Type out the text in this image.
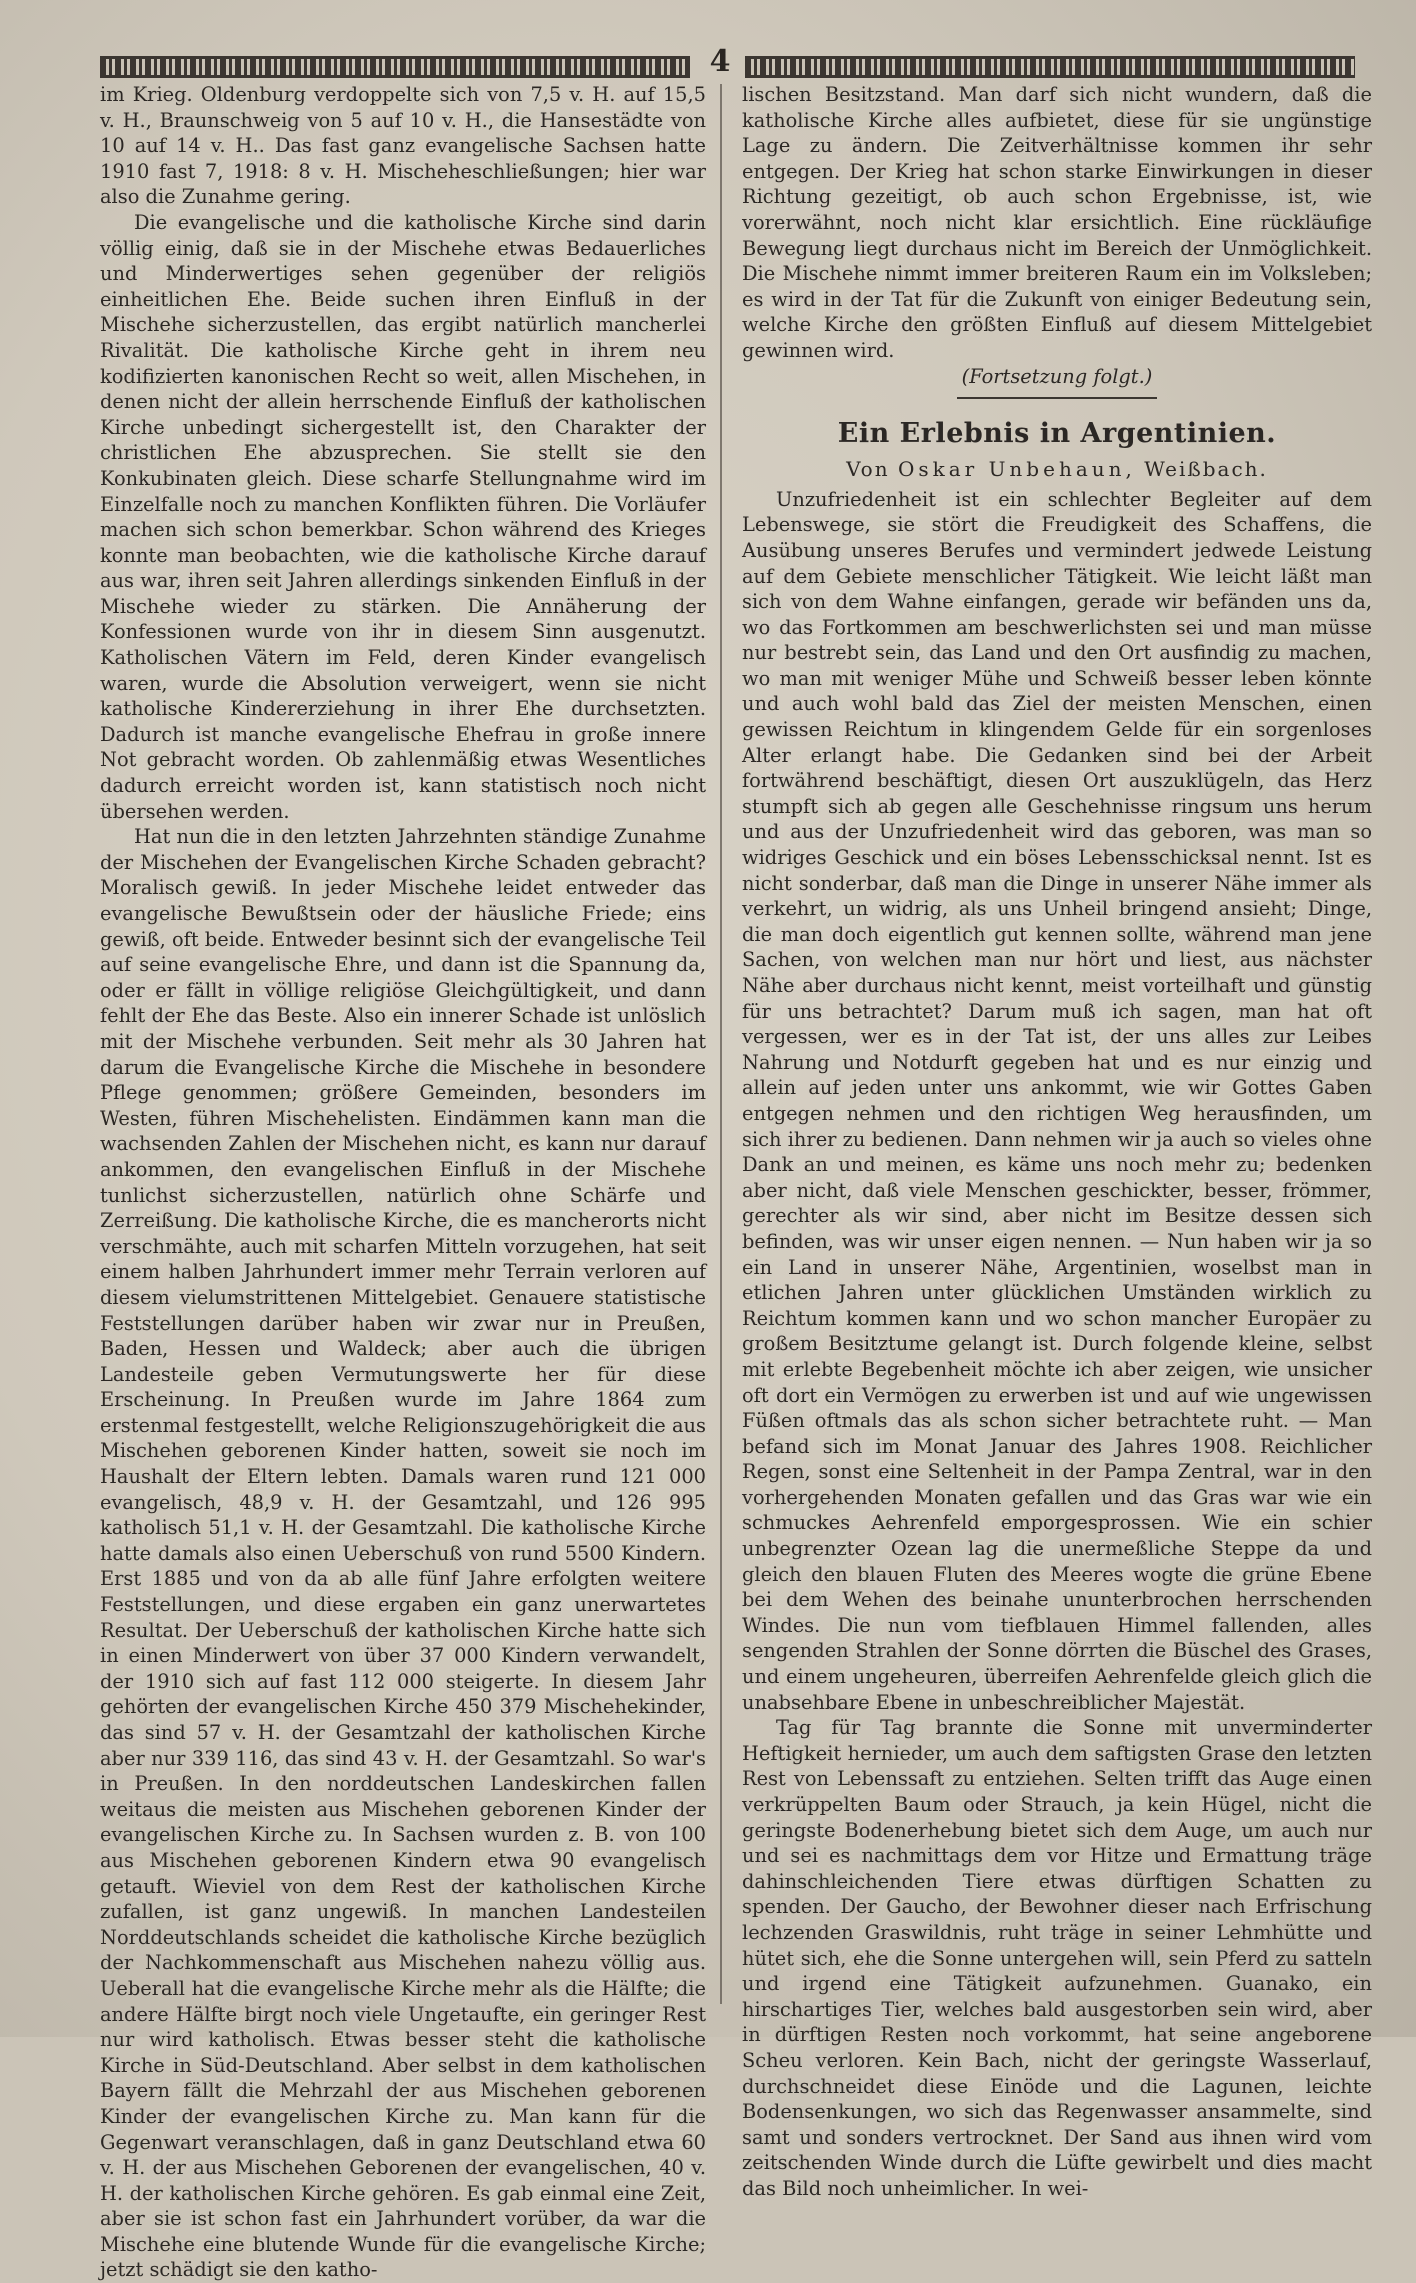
4

im Krieg. Oldenburg verdoppelte sich von 7,5 v. H. auf 15,5 v. H., Braunschweig von 5 auf 10 v. H., die Hansestädte von 10 auf 14 v. H.. Das fast ganz evangelische Sachsen hatte 1910 fast 7, 1918: 8 v. H. Mischeheschließungen; hier war also die Zunahme gering.

Die evangelische und die katholische Kirche sind darin völlig einig, daß sie in der Mischehe etwas Bedauerliches und Minderwertiges sehen gegenüber der religiös einheitlichen Ehe. Beide suchen ihren Einfluß in der Mischehe sicherzustellen, das ergibt natürlich mancherlei Rivalität. Die katholische Kirche geht in ihrem neu kodifizierten kanonischen Recht so weit, allen Mischehen, in denen nicht der allein herrschende Einfluß der katholischen Kirche unbedingt sichergestellt ist, den Charakter der christlichen Ehe abzusprechen. Sie stellt sie den Konkubinaten gleich. Diese scharfe Stellungnahme wird im Einzelfalle noch zu manchen Konflikten führen. Die Vorläufer machen sich schon bemerkbar. Schon während des Krieges konnte man beobachten, wie die katholische Kirche darauf aus war, ihren seit Jahren allerdings sinkenden Einfluß in der Mischehe wieder zu stärken. Die Annäherung der Konfessionen wurde von ihr in diesem Sinn ausgenutzt. Katholischen Vätern im Feld, deren Kinder evangelisch waren, wurde die Absolution verweigert, wenn sie nicht katholische Kindererziehung in ihrer Ehe durchsetzten. Dadurch ist manche evangelische Ehefrau in große innere Not gebracht worden. Ob zahlenmäßig etwas Wesentliches dadurch erreicht worden ist, kann statistisch noch nicht übersehen werden.

Hat nun die in den letzten Jahrzehnten ständige Zunahme der Mischehen der Evangelischen Kirche Schaden gebracht? Moralisch gewiß. In jeder Mischehe leidet entweder das evangelische Bewußtsein oder der häusliche Friede; eins gewiß, oft beide. Entweder besinnt sich der evangelische Teil auf seine evangelische Ehre, und dann ist die Spannung da, oder er fällt in völlige religiöse Gleichgültigkeit, und dann fehlt der Ehe das Beste. Also ein innerer Schade ist unlöslich mit der Mischehe verbunden. Seit mehr als 30 Jahren hat darum die Evangelische Kirche die Mischehe in besondere Pflege genommen; größere Gemeinden, besonders im Westen, führen Mischehelisten. Eindämmen kann man die wachsenden Zahlen der Mischehen nicht, es kann nur darauf ankommen, den evangelischen Einfluß in der Mischehe tunlichst sicherzustellen, natürlich ohne Schärfe und Zerreißung. Die katholische Kirche, die es mancherorts nicht verschmähte, auch mit scharfen Mitteln vorzugehen, hat seit einem halben Jahrhundert immer mehr Terrain verloren auf diesem vielumstrittenen Mittelgebiet. Genauere statistische Feststellungen darüber haben wir zwar nur in Preußen, Baden, Hessen und Waldeck; aber auch die übrigen Landesteile geben Vermutungswerte her für diese Erscheinung. In Preußen wurde im Jahre 1864 zum erstenmal festgestellt, welche Religionszugehörigkeit die aus Mischehen geborenen Kinder hatten, soweit sie noch im Haushalt der Eltern lebten. Damals waren rund 121 000 evangelisch, 48,9 v. H. der Gesamtzahl, und 126 995 katholisch 51,1 v. H. der Gesamtzahl. Die katholische Kirche hatte damals also einen Ueberschuß von rund 5500 Kindern. Erst 1885 und von da ab alle fünf Jahre erfolgten weitere Feststellungen, und diese ergaben ein ganz unerwartetes Resultat. Der Ueberschuß der katholischen Kirche hatte sich in einen Minderwert von über 37 000 Kindern verwandelt, der 1910 sich auf fast 112 000 steigerte. In diesem Jahr gehörten der evangelischen Kirche 450 379 Mischehekinder, das sind 57 v. H. der Gesamtzahl der katholischen Kirche aber nur 339 116, das sind 43 v. H. der Gesamtzahl. So war's in Preußen. In den norddeutschen Landeskirchen fallen weitaus die meisten aus Mischehen geborenen Kinder der evangelischen Kirche zu. In Sachsen wurden z. B. von 100 aus Mischehen geborenen Kindern etwa 90 evangelisch getauft. Wieviel von dem Rest der katholischen Kirche zufallen, ist ganz ungewiß. In manchen Landesteilen Norddeutschlands scheidet die katholische Kirche bezüglich der Nachkommenschaft aus Mischehen nahezu völlig aus. Ueberall hat die evangelische Kirche mehr als die Hälfte; die andere Hälfte birgt noch viele Ungetaufte, ein geringer Rest nur wird katholisch. Etwas besser steht die katholische Kirche in Süd-Deutschland. Aber selbst in dem katholischen Bayern fällt die Mehrzahl der aus Mischehen geborenen Kinder der evangelischen Kirche zu. Man kann für die Gegenwart veranschlagen, daß in ganz Deutschland etwa 60 v. H. der aus Mischehen Geborenen der evangelischen, 40 v. H. der katholischen Kirche gehören. Es gab einmal eine Zeit, aber sie ist schon fast ein Jahrhundert vorüber, da war die Mischehe eine blutende Wunde für die evangelische Kirche; jetzt schädigt sie den katho-

lischen Besitzstand. Man darf sich nicht wundern, daß die katholische Kirche alles aufbietet, diese für sie ungünstige Lage zu ändern. Die Zeitverhältnisse kommen ihr sehr entgegen. Der Krieg hat schon starke Einwirkungen in dieser Richtung gezeitigt, ob auch schon Ergebnisse, ist, wie vorerwähnt, noch nicht klar ersichtlich. Eine rückläufige Bewegung liegt durchaus nicht im Bereich der Unmöglichkeit. Die Mischehe nimmt immer breiteren Raum ein im Volksleben; es wird in der Tat für die Zukunft von einiger Bedeutung sein, welche Kirche den größten Einfluß auf diesem Mittelgebiet gewinnen wird.

(Fortsetzung folgt.)

Ein Erlebnis in Argentinien.
Von Oskar Unbehaun, Weißbach.

Unzufriedenheit ist ein schlechter Begleiter auf dem Lebenswege, sie stört die Freudigkeit des Schaffens, die Ausübung unseres Berufes und vermindert jedwede Leistung auf dem Gebiete menschlicher Tätigkeit. Wie leicht läßt man sich von dem Wahne einfangen, gerade wir befänden uns da, wo das Fortkommen am beschwerlichsten sei und man müsse nur bestrebt sein, das Land und den Ort ausfindig zu machen, wo man mit weniger Mühe und Schweiß besser leben könnte und auch wohl bald das Ziel der meisten Menschen, einen gewissen Reichtum in klingendem Gelde für ein sorgenloses Alter erlangt habe. Die Gedanken sind bei der Arbeit fortwährend beschäftigt, diesen Ort auszuklügeln, das Herz stumpft sich ab gegen alle Geschehnisse ringsum uns herum und aus der Unzufriedenheit wird das geboren, was man so widriges Geschick und ein böses Lebensschicksal nennt. Ist es nicht sonderbar, daß man die Dinge in unserer Nähe immer als verkehrt, un widrig, als uns Unheil bringend ansieht; Dinge, die man doch eigentlich gut kennen sollte, während man jene Sachen, von welchen man nur hört und liest, aus nächster Nähe aber durchaus nicht kennt, meist vorteilhaft und günstig für uns betrachtet? Darum muß ich sagen, man hat oft vergessen, wer es in der Tat ist, der uns alles zur Leibes Nahrung und Notdurft gegeben hat und es nur einzig und allein auf jeden unter uns ankommt, wie wir Gottes Gaben entgegen nehmen und den richtigen Weg herausfinden, um sich ihrer zu bedienen. Dann nehmen wir ja auch so vieles ohne Dank an und meinen, es käme uns noch mehr zu; bedenken aber nicht, daß viele Menschen geschickter, besser, frömmer, gerechter als wir sind, aber nicht im Besitze dessen sich befinden, was wir unser eigen nennen. — Nun haben wir ja so ein Land in unserer Nähe, Argentinien, woselbst man in etlichen Jahren unter glücklichen Umständen wirklich zu Reichtum kommen kann und wo schon mancher Europäer zu großem Besitztume gelangt ist. Durch folgende kleine, selbst mit erlebte Begebenheit möchte ich aber zeigen, wie unsicher oft dort ein Vermögen zu erwerben ist und auf wie ungewissen Füßen oftmals das als schon sicher betrachtete ruht. — Man befand sich im Monat Januar des Jahres 1908. Reichlicher Regen, sonst eine Seltenheit in der Pampa Zentral, war in den vorhergehenden Monaten gefallen und das Gras war wie ein schmuckes Aehrenfeld emporgesprossen. Wie ein schier unbegrenzter Ozean lag die unermeßliche Steppe da und gleich den blauen Fluten des Meeres wogte die grüne Ebene bei dem Wehen des beinahe ununterbrochen herrschenden Windes. Die nun vom tiefblauen Himmel fallenden, alles sengenden Strahlen der Sonne dörrten die Büschel des Grases, und einem ungeheuren, überreifen Aehrenfelde gleich glich die unabsehbare Ebene in unbeschreiblicher Majestät.

Tag für Tag brannte die Sonne mit unverminderter Heftigkeit hernieder, um auch dem saftigsten Grase den letzten Rest von Lebenssaft zu entziehen. Selten trifft das Auge einen verkrüppelten Baum oder Strauch, ja kein Hügel, nicht die geringste Bodenerhebung bietet sich dem Auge, um auch nur und sei es nachmittags dem vor Hitze und Ermattung träge dahinschleichenden Tiere etwas dürftigen Schatten zu spenden. Der Gaucho, der Bewohner dieser nach Erfrischung lechzenden Graswildnis, ruht träge in seiner Lehmhütte und hütet sich, ehe die Sonne untergehen will, sein Pferd zu satteln und irgend eine Tätigkeit aufzunehmen. Guanako, ein hirschartiges Tier, welches bald ausgestorben sein wird, aber in dürftigen Resten noch vorkommt, hat seine angeborene Scheu verloren. Kein Bach, nicht der geringste Wasserlauf, durchschneidet diese Einöde und die Lagunen, leichte Bodensenkungen, wo sich das Regenwasser ansammelte, sind samt und sonders vertrocknet. Der Sand aus ihnen wird vom zeitschenden Winde durch die Lüfte gewirbelt und dies macht das Bild noch unheimlicher. In wei-
